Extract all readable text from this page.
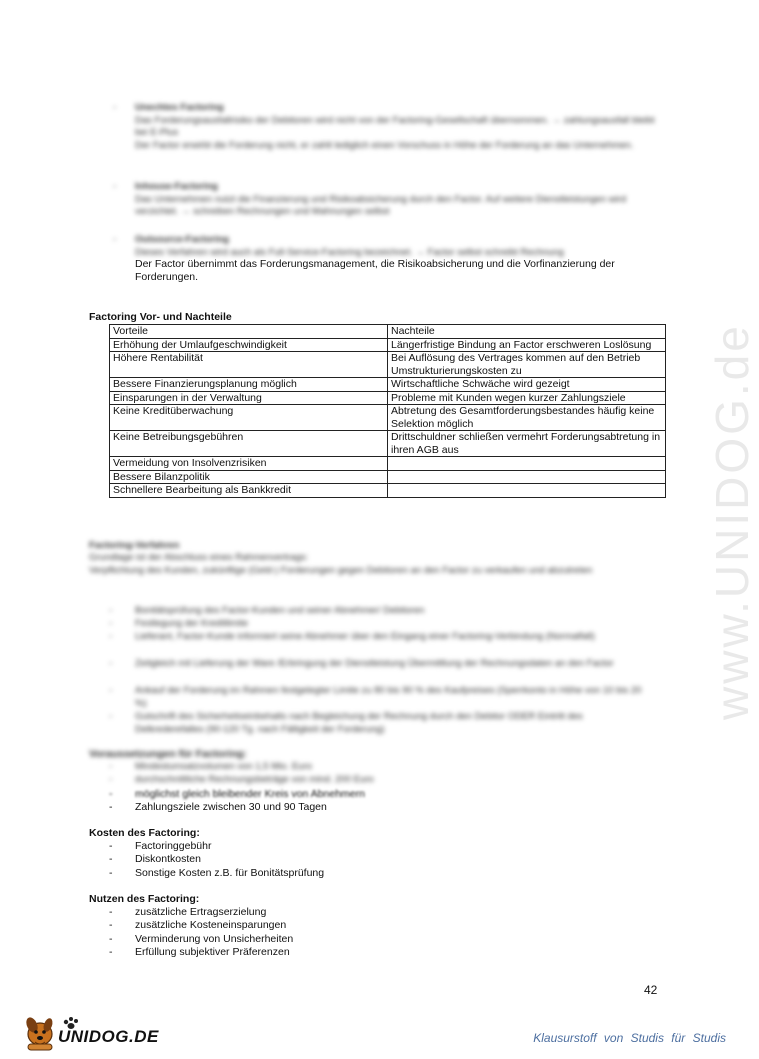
www.UNIDOG.de
- Unechtes Factoring
Das Forderungsausfallrisiko der Debitoren wird nicht von der Factoring-Gesellschaft übernommen. → zahlungsausfall bleibt bei E-Plus
Der Factor erwirbt die Forderung nicht, er zahlt lediglich einen Vorschuss in Höhe der Forderung an das Unternehmen.
- Inhouse-Factoring
Das Unternehmen nutzt die Finanzierung und Risikoabsicherung durch den Factor. Auf weitere Dienstleistungen wird verzichtet. → schreiben Rechnungen und Mahnungen selbst
- Outsource-Factoring
Dieses Verfahren wird auch als Full-Service-Factoring bezeichnet. → Factor selbst schreibt Rechnung
Der Factor übernimmt das Forderungsmanagement, die Risikoabsicherung und die Vorfinanzierung der Forderungen.
Factoring Vor- und Nachteile
Vorteile	Nachteile
Erhöhung der Umlaufgeschwindigkeit	Längerfristige Bindung an Factor erschweren Loslösung
Höhere Rentabilität	Bei Auflösung des Vertrages kommen auf den Betrieb Umstrukturierungskosten zu
Bessere Finanzierungsplanung möglich	Wirtschaftliche Schwäche wird gezeigt
Einsparungen in der Verwaltung	Probleme mit Kunden wegen kurzer Zahlungsziele
Keine Kreditüberwachung	Abtretung des Gesamtforderungsbestandes häufig keine Selektion möglich
Keine Betreibungsgebühren	Drittschuldner schließen vermehrt Forderungsabtretung in ihren AGB aus
Vermeidung von Insolvenzrisiken	
Bessere Bilanzpolitik	
Schnellere Bearbeitung als Bankkredit	
Factoring-Verfahren
Grundlage ist der Abschluss eines Rahmenvertrags:
Verpflichtung des Kunden, zukünftige (Geld-) Forderungen gegen Debitoren an den Factor zu verkaufen und abzutreten
- Bonitätsprüfung des Factor-Kunden und seiner Abnehmer/ Debitoren
- Festlegung der Kreditlimite
- Lieferant, Factor-Kunde informiert seine Abnehmer über den Eingang einer Factoring-Verbindung (Normalfall)
- Zeitgleich mit Lieferung der Ware /Erbringung der Dienstleistung Übermittlung der Rechnungsdaten an den Factor
- Ankauf der Forderung im Rahmen festgelegter Limite zu 80 bis 90 % des Kaufpreises (Sperrkonto in Höhe von 10 bis 20 %)
- Gutschrift des Sicherheitseinbehalts nach Begleichung der Rechnung durch den Debitor ODER Eintritt des Delkrederefalles (90-120 Tg. nach Fälligkeit der Forderung)
Voraussetzungen für Factoring:
- Mindestumsatzvolumen von 1,5 Mio. Euro
- durchschnittliche Rechnungsbeträge von mind. 200 Euro
- möglichst gleich bleibender Kreis von Abnehmern
- Zahlungsziele zwischen 30 und 90 Tagen
Kosten des Factoring:
- Factoringgebühr
- Diskontkosten
- Sonstige Kosten z.B. für Bonitätsprüfung
Nutzen des Factoring:
- zusätzliche Ertragserzielung
- zusätzliche Kosteneinsparungen
- Verminderung von Unsicherheiten
- Erfüllung subjektiver Präferenzen
42
UNIDOG.DE	Klausurstoff von Studis für Studis
